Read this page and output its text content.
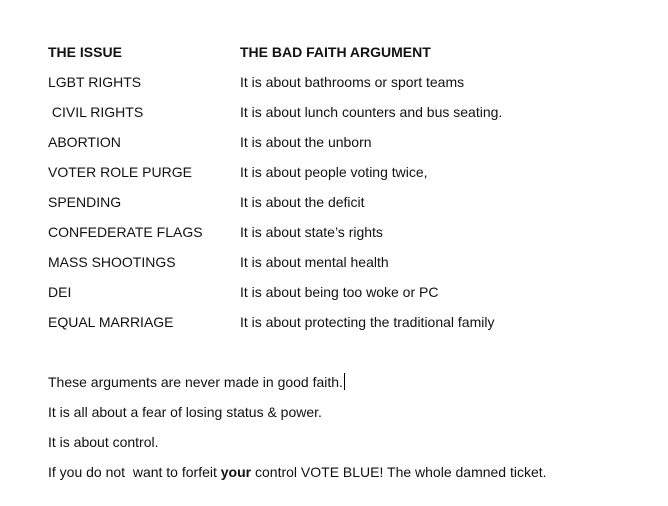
THE ISSUE	THE BAD FAITH ARGUMENT
LGBT RIGHTS	It is about bathrooms or sport teams
CIVIL RIGHTS	It is about lunch counters and bus seating.
ABORTION	It is about the unborn
VOTER ROLE PURGE	It is about people voting twice,
SPENDING	It is about the deficit
CONFEDERATE FLAGS	It is about state’s rights
MASS SHOOTINGS	It is about mental health
DEI	It is about being too woke or PC
EQUAL MARRIAGE	It is about protecting the traditional family
These arguments are never made in good faith.
It is all about a fear of losing status & power.
It is about control.
If you do not  want to forfeit your control VOTE BLUE! The whole damned ticket.
